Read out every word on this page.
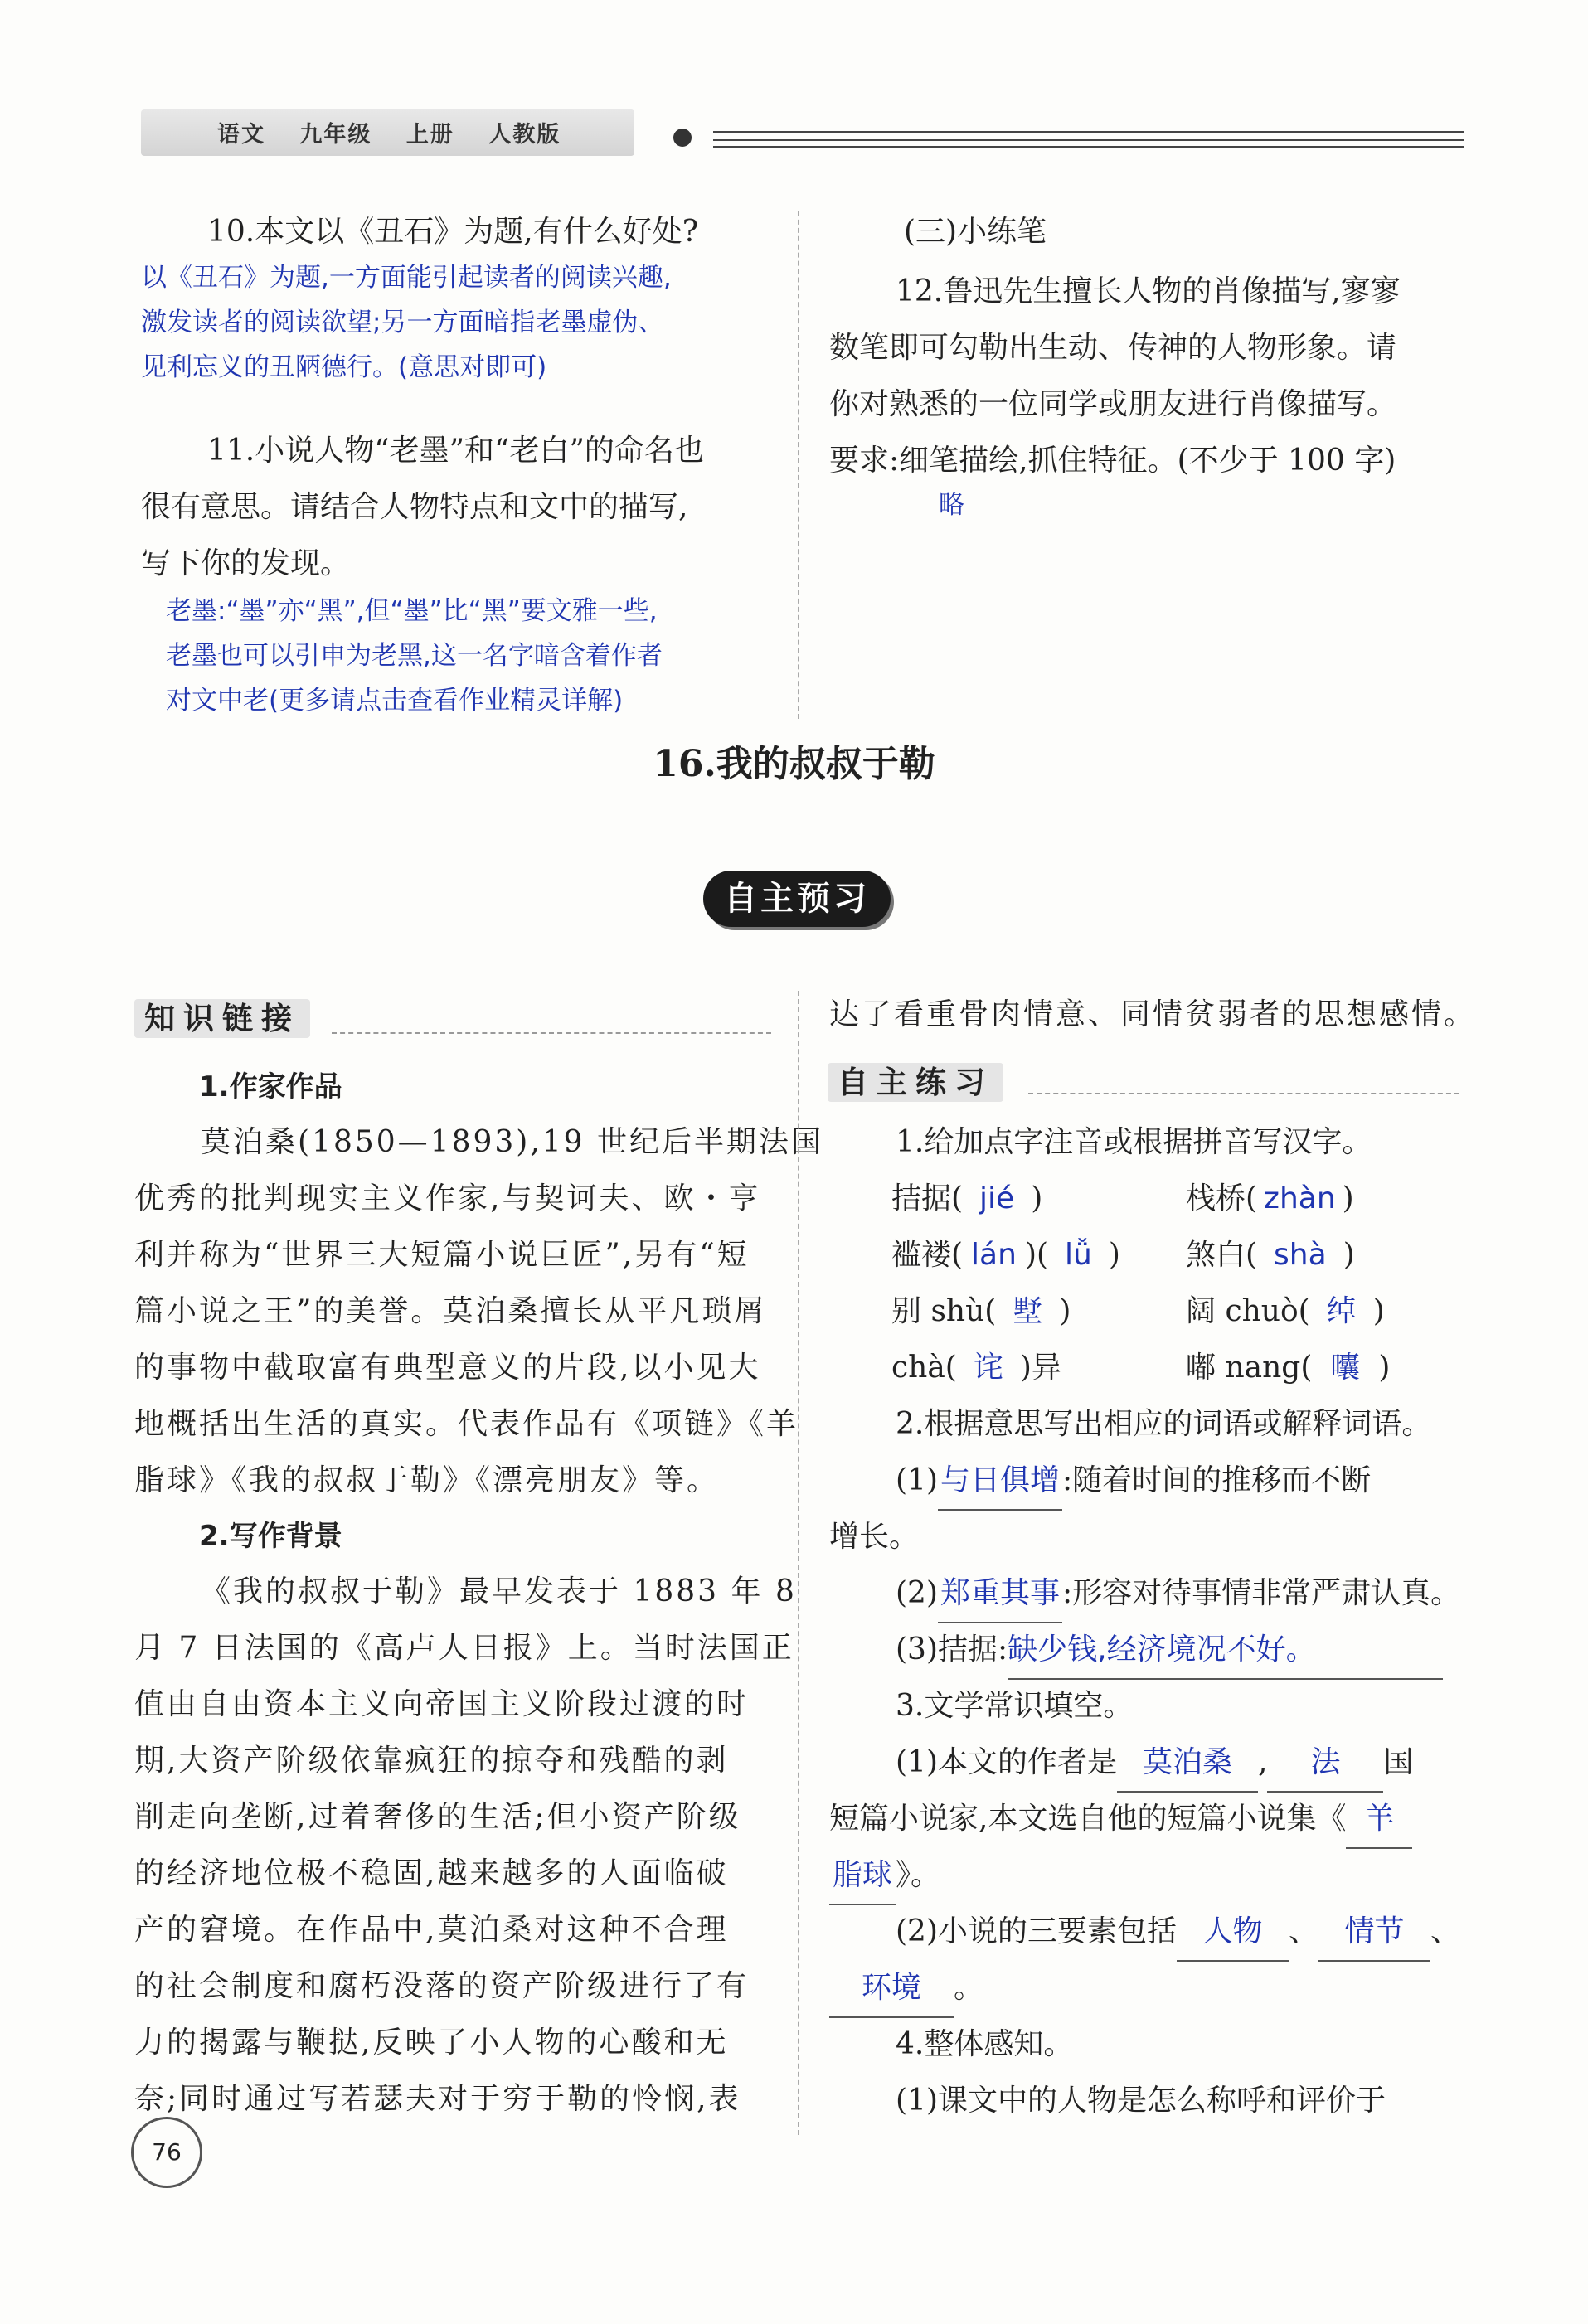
语文 九年级 上册 人教版
10.本文以《丑石》为题,有什么好处?
以《丑石》为题,一方面能引起读者的阅读兴趣,
激发读者的阅读欲望;另一方面暗指老墨虚伪、
见利忘义的丑陋德行。(意思对即可)
11.小说人物“老墨”和“老白”的命名也
很有意思。请结合人物特点和文中的描写,
写下你的发现。
老墨:“墨”亦“黑”,但“墨”比“黑”要文雅一些,
老墨也可以引申为老黑,这一名字暗含着作者
对文中老(更多请点击查看作业精灵详解)
(三)小练笔
12.鲁迅先生擅长人物的肖像描写,寥寥
数笔即可勾勒出生动、传神的人物形象。请
你对熟悉的一位同学或朋友进行肖像描写。
要求:细笔描绘,抓住特征。(不少于 100 字)
略
16.我的叔叔于勒
自主预习
知识链接
1.作家作品
莫泊桑(1850—1893),19 世纪后半期法国
优秀的批判现实主义作家,与契诃夫、欧・亨
利并称为“世界三大短篇小说巨匠”,另有“短
篇小说之王”的美誉。莫泊桑擅长从平凡琐屑
的事物中截取富有典型意义的片段,以小见大
地概括出生活的真实。代表作品有《项链》《羊
脂球》《我的叔叔于勒》《漂亮朋友》等。
2.写作背景
《我的叔叔于勒》最早发表于 1883 年 8
月 7 日法国的《高卢人日报》上。当时法国正
值由自由资本主义向帝国主义阶段过渡的时
期,大资产阶级依靠疯狂的掠夺和残酷的剥
削走向垄断,过着奢侈的生活;但小资产阶级
的经济地位极不稳固,越来越多的人面临破
产的窘境。在作品中,莫泊桑对这种不合理
的社会制度和腐朽没落的资产阶级进行了有
力的揭露与鞭挞,反映了小人物的心酸和无
奈;同时通过写若瑟夫对于穷于勒的怜悯,表
达了看重骨肉情意、同情贫弱者的思想感情。
自主练习
1.给加点字注音或根据拼音写汉字。
拮据( jié )	栈桥( zhàn )
褴褛( lán )( lǚ ) 煞白( shà )
别 shù( 墅 )	阔 chuò( 绰 )
chà( 诧 )异	嘟 nang( 囔 )
2.根据意思写出相应的词语或解释词语。
(1)与日俱增:随着时间的推移而不断
增长。
(2)郑重其事:形容对待事情非常严肃认真。
(3)拮据:缺少钱,经济境况不好。
3.文学常识填空。
(1)本文的作者是 莫泊桑 , 法 国
短篇小说家,本文选自他的短篇小说集《 羊
脂球 》。
(2)小说的三要素包括 人物 、 情节 、
环境 。
4.整体感知。
(1)课文中的人物是怎么称呼和评价于
76
